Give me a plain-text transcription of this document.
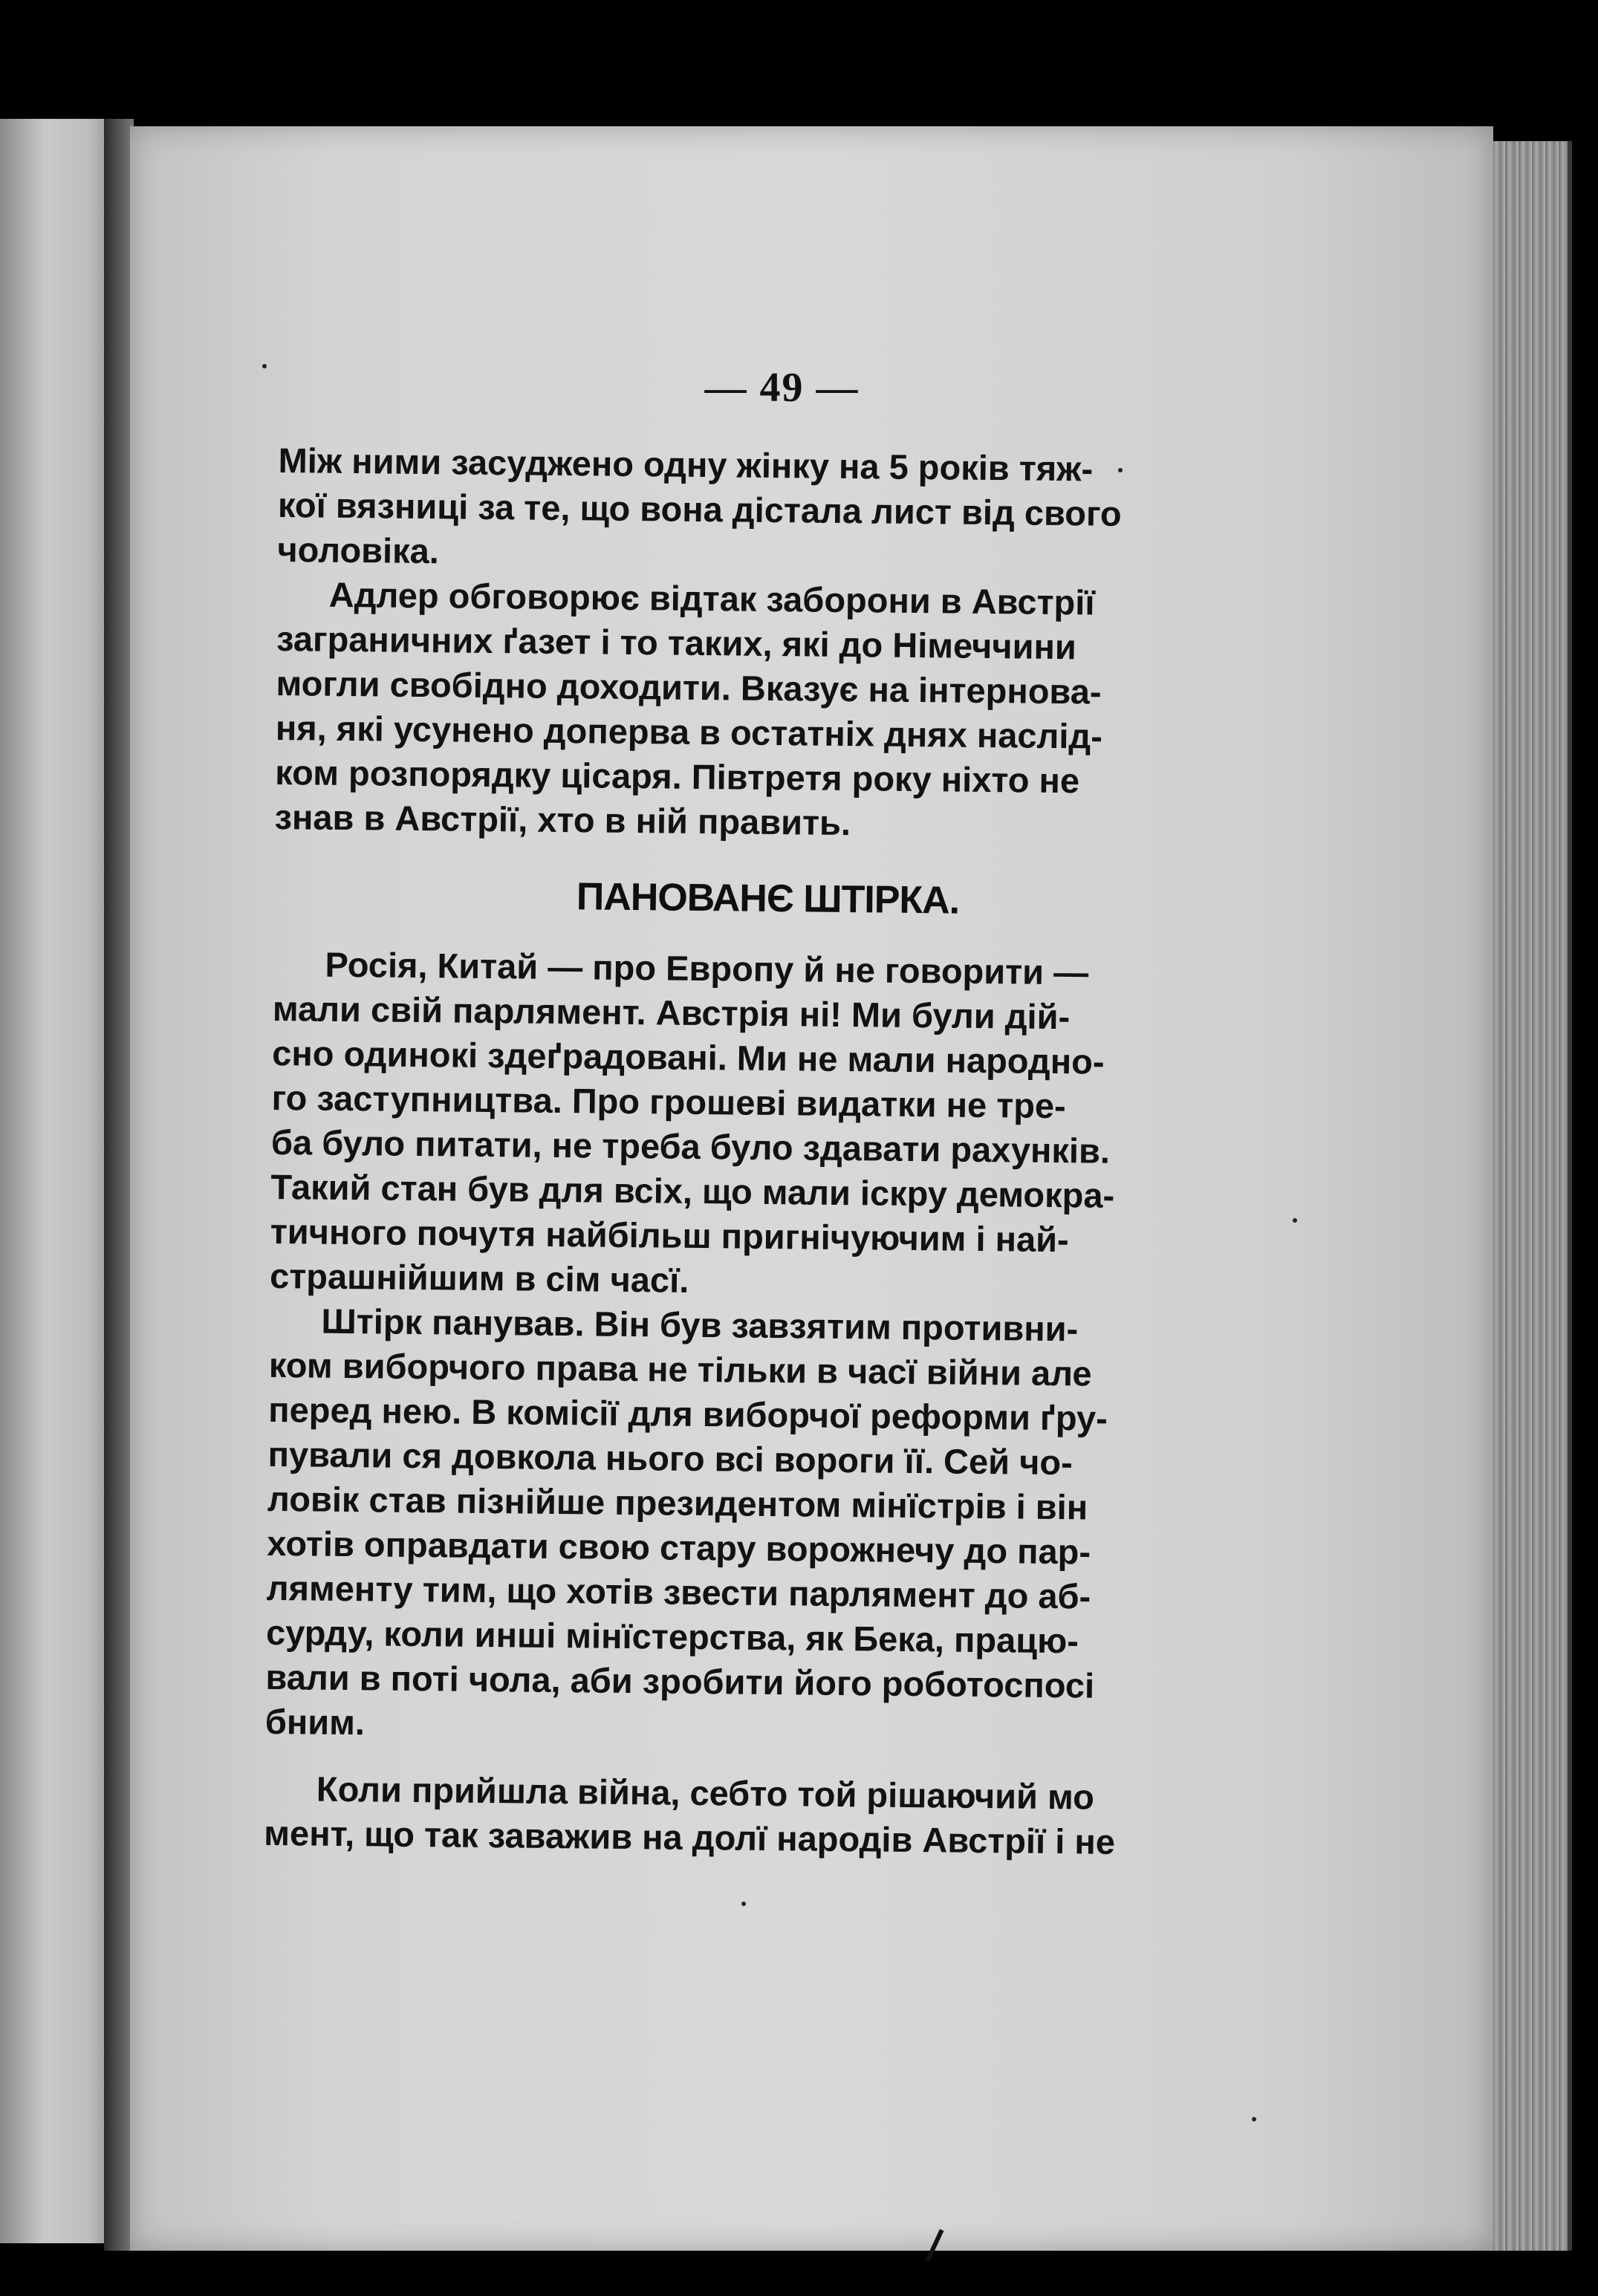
— 49 —

Між ними засуджено одну жінку на 5 років тяж-
кої вязниці за те, що вона дістала лист від свого
чоловіка.

Адлер обговорює відтак заборони в Австрії
заграничних ґазет і то таких, які до Німеччини
могли свобідно доходити. Вказує на інтернова-
ня, які усунено доперва в остатніх днях наслід-
ком розпорядку цісаря. Півтретя року ніхто не
знав в Австрії, хто в ній править.

ПАНОВАНЄ ШТІРКА.

Росія, Китай — про Европу й не говорити —
мали свій парлямент. Австрія ні! Ми були дій-
сно одинокі здеґрадовані. Ми не мали народно-
го заступництва. Про грошеві видатки не тре-
ба було питати, не треба було здавати рахунків.
Такий стан був для всіх, що мали іскру демокра-
тичного почутя найбільш пригнічуючим і най-
страшнійшим в сім часї.

Штірк панував. Він був завзятим противни-
ком виборчого права не тільки в часї війни але
перед нею. В комісії для виборчої реформи ґру-
пували ся довкола нього всі вороги її. Сей чо-
ловік став пізнійше президентом мінїстрів і він
хотів оправдати свою стару ворожнечу до пар-
ляменту тим, що хотів звести парлямент до аб-
сурду, коли инші мінїстерства, як Бека, працю-
вали в поті чола, аби зробити його роботоспосі
бним.

Коли прийшла війна, себто той рішаючий мо
мент, що так заважив на долї народів Австрії і не
